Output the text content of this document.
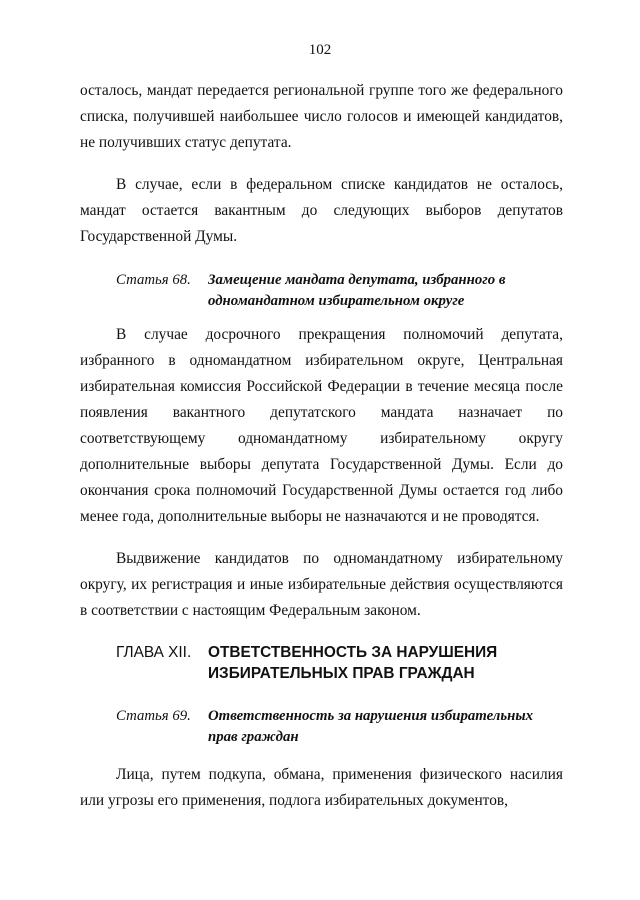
102

осталось, мандат передается региональной группе того же федерального списка, получившей наибольшее число голосов и имеющей кандидатов, не получивших статус депутата.

В случае, если в федеральном списке кандидатов не осталось, мандат остается вакантным до следующих выборов депутатов Государственной Думы.

Статья 68.	Замещение мандата депутата, избранного в
одномандатном избирательном округе

В случае досрочного прекращения полномочий депутата, избранного в одномандатном избирательном округе, Центральная избирательная комиссия Российской Федерации в течение месяца после появления вакантного депутатского мандата назначает по соответствующему одномандатному избирательному округу дополнительные выборы депутата Государственной Думы. Если до окончания срока полномочий Государственной Думы остается год либо менее года, дополнительные выборы не назначаются и не проводятся.

Выдвижение кандидатов по одномандатному избирательному округу, их регистрация и иные избирательные действия осуществляются в соответствии с настоящим Федеральным законом.

ГЛАВА XII.	ОТВЕТСТВЕННОСТЬ ЗА НАРУШЕНИЯ
ИЗБИРАТЕЛЬНЫХ ПРАВ ГРАЖДАН
Статья 69.	Ответственность за нарушения избирательных
прав граждан

Лица, путем подкупа, обмана, применения физического насилия или угрозы его применения, подлога избирательных документов,
